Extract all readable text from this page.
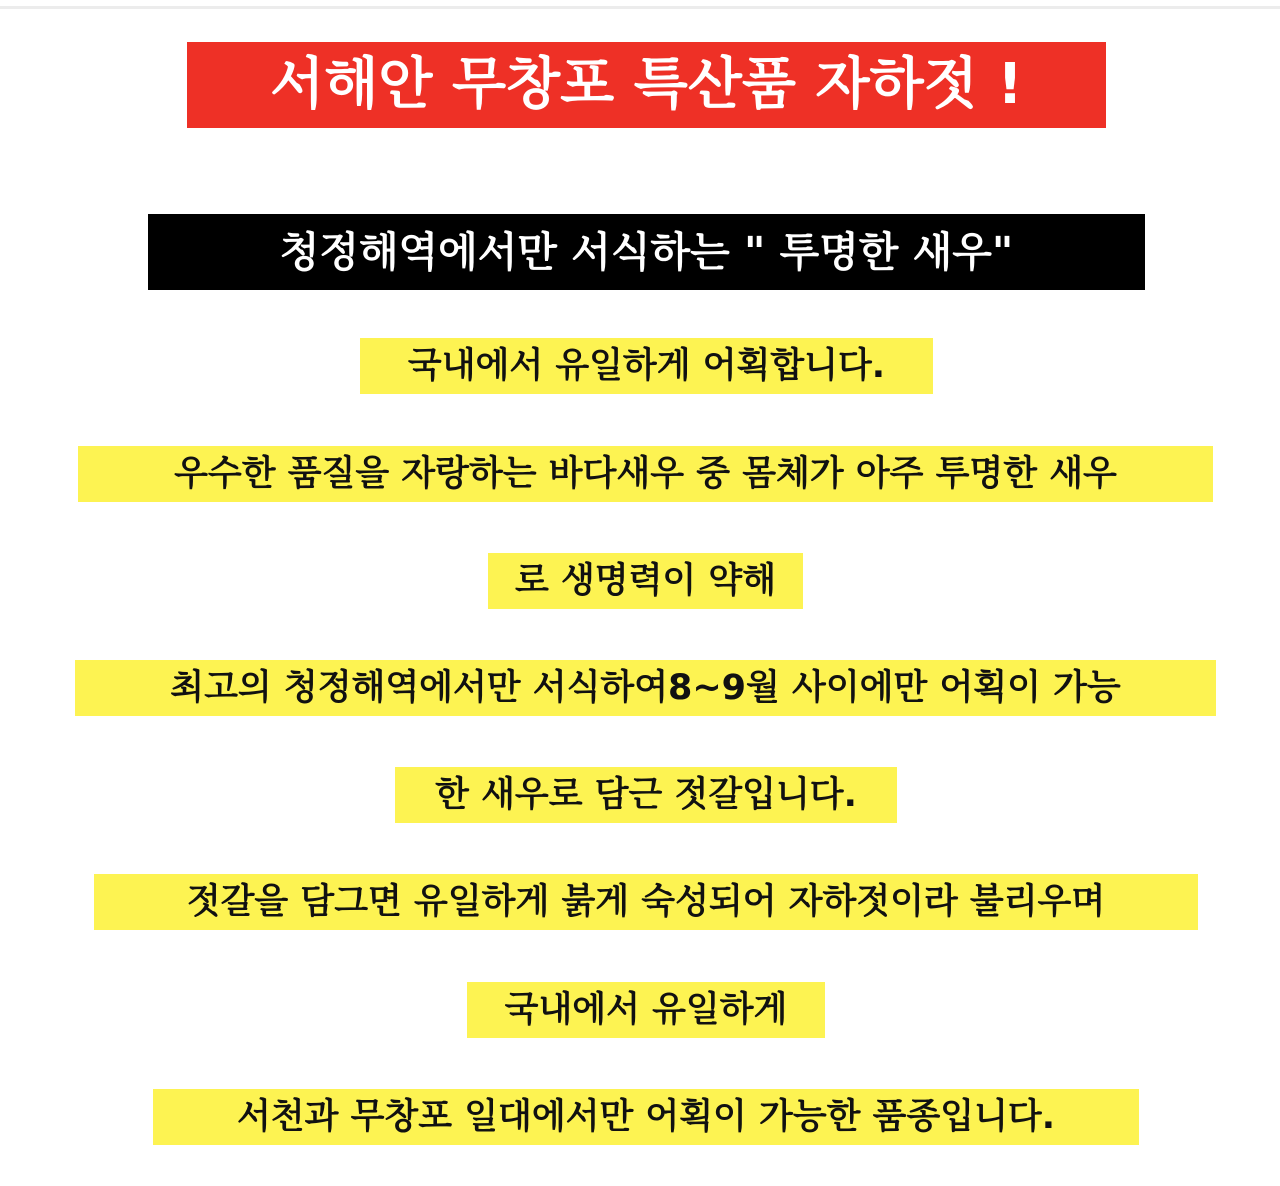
서해안 무창포 특산품 자하젓 !
청정해역에서만 서식하는 " 투명한 새우"
국내에서 유일하게 어획합니다.
우수한 품질을 자랑하는 바다새우 중 몸체가 아주 투명한 새우
로 생명력이 약해
최고의 청정해역에서만 서식하여8~9월 사이에만 어획이 가능
한 새우로 담근 젓갈입니다.
젓갈을 담그면 유일하게 붉게 숙성되어 자하젓이라 불리우며
국내에서 유일하게
서천과 무창포 일대에서만 어획이 가능한 품종입니다.
